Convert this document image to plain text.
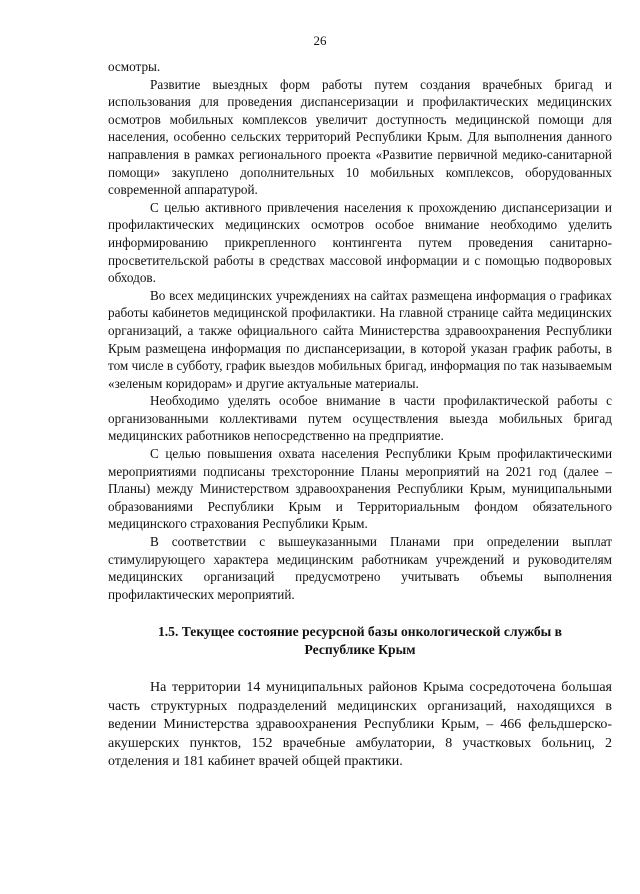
26

осмотры.

Развитие выездных форм работы путем создания врачебных бригад и использования для проведения диспансеризации и профилактических медицинских осмотров мобильных комплексов увеличит доступность медицинской помощи для населения, особенно сельских территорий Республики Крым. Для выполнения данного направления в рамках регионального проекта «Развитие первичной медико-санитарной помощи» закуплено дополнительных 10 мобильных комплексов, оборудованных современной аппаратурой.

С целью активного привлечения населения к прохождению диспансеризации и профилактических медицинских осмотров особое внимание необходимо уделить информированию прикрепленного контингента путем проведения санитарно-просветительской работы в средствах массовой информации и с помощью подворовых обходов.

Во всех медицинских учреждениях на сайтах размещена информация о графиках работы кабинетов медицинской профилактики. На главной странице сайта медицинских организаций, а также официального сайта Министерства здравоохранения Республики Крым размещена информация по диспансеризации, в которой указан график работы, в том числе в субботу, график выездов мобильных бригад, информация по так называемым «зеленым коридорам» и другие актуальные материалы.

Необходимо уделять особое внимание в части профилактической работы с организованными коллективами путем осуществления выезда мобильных бригад медицинских работников непосредственно на предприятие.

С целью повышения охвата населения Республики Крым профилактическими мероприятиями подписаны трехсторонние Планы мероприятий на 2021 год (далее – Планы) между Министерством здравоохранения Республики Крым, муниципальными образованиями Республики Крым и Территориальным фондом обязательного медицинского страхования Республики Крым.

В соответствии с вышеуказанными Планами при определении выплат стимулирующего характера медицинским работникам учреждений и руководителям медицинских организаций предусмотрено учитывать объемы выполнения профилактических мероприятий.

1.5. Текущее состояние ресурсной базы онкологической службы в Республике Крым

На территории 14 муниципальных районов Крыма сосредоточена большая часть структурных подразделений медицинских организаций, находящихся в ведении Министерства здравоохранения Республики Крым, – 466 фельдшерско-акушерских пунктов, 152 врачебные амбулатории, 8 участковых больниц, 2 отделения и 181 кабинет врачей общей практики.
